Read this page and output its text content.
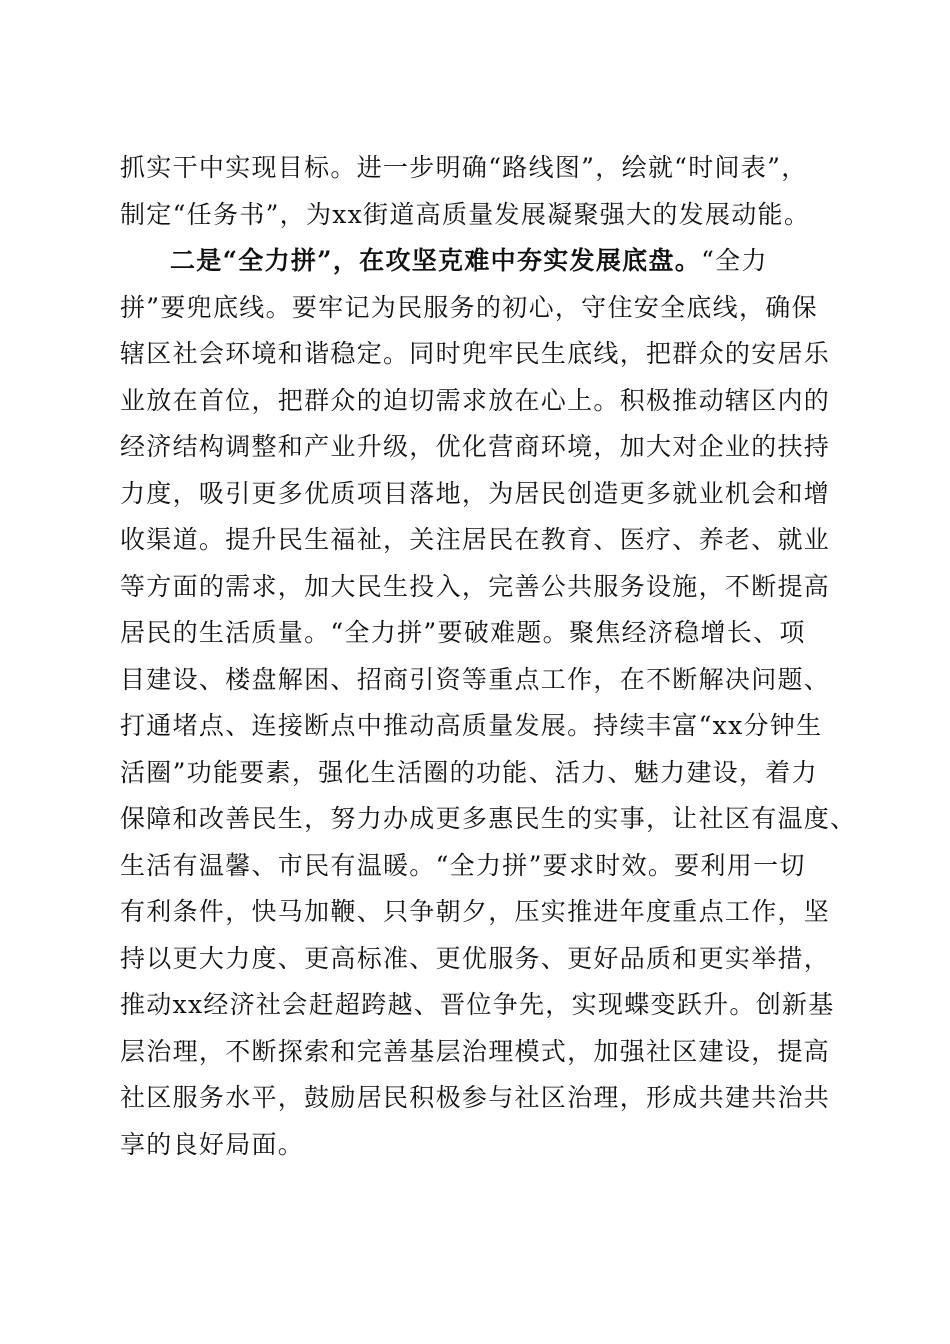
抓实干中实现目标。进一步明确“路线图”，绘就“时间表”，

制定“任务书”，为xx街道高质量发展凝聚强大的发展动能。

二是“全力拼”，在攻坚克难中夯实发展底盘。“全力

拼”要兜底线。要牢记为民服务的初心，守住安全底线，确保

辖区社会环境和谐稳定。同时兜牢民生底线，把群众的安居乐

业放在首位，把群众的迫切需求放在心上。积极推动辖区内的

经济结构调整和产业升级，优化营商环境，加大对企业的扶持

力度，吸引更多优质项目落地，为居民创造更多就业机会和增

收渠道。提升民生福祉，关注居民在教育、医疗、养老、就业

等方面的需求，加大民生投入，完善公共服务设施，不断提高

居民的生活质量。“全力拼”要破难题。聚焦经济稳增长、项

目建设、楼盘解困、招商引资等重点工作，在不断解决问题、

打通堵点、连接断点中推动高质量发展。持续丰富“xx分钟生

活圈”功能要素，强化生活圈的功能、活力、魅力建设，着力

保障和改善民生，努力办成更多惠民生的实事，让社区有温度、

生活有温馨、市民有温暖。“全力拼”要求时效。要利用一切

有利条件，快马加鞭、只争朝夕，压实推进年度重点工作，坚

持以更大力度、更高标准、更优服务、更好品质和更实举措，

推动xx经济社会赶超跨越、晋位争先，实现蝶变跃升。创新基

层治理，不断探索和完善基层治理模式，加强社区建设，提高

社区服务水平，鼓励居民积极参与社区治理，形成共建共治共

享的良好局面。
